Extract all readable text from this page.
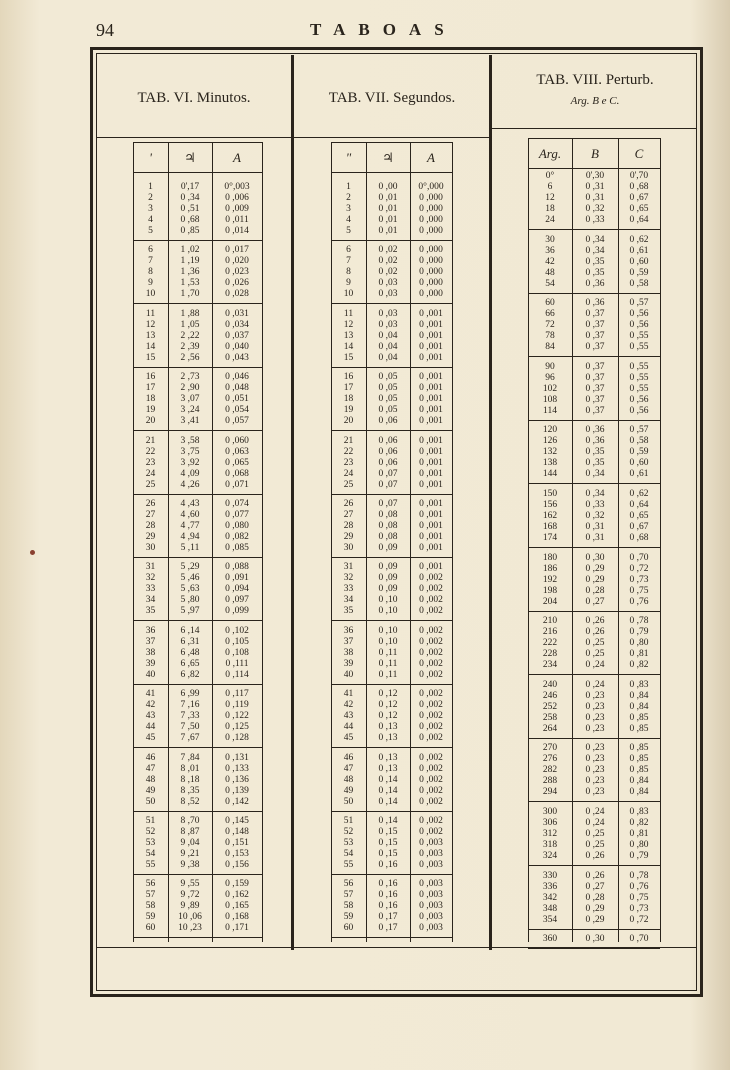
94	TABOAS
TAB. VI. Minutos.	TAB. VII. Segundos.
TAB. VIII. Perturb.
Arg. B e C.
'	♃	A
1	0',17	0°,003
2	0 ,34	0 ,006
3	0 ,51	0 ,009
4	0 ,68	0 ,011
5	0 ,85	0 ,014
6	1 ,02	0 ,017
7	1 ,19	0 ,020
8	1 ,36	0 ,023
9	1 ,53	0 ,026
10	1 ,70	0 ,028
11	1 ,88	0 ,031
12	1 ,05	0 ,034
13	2 ,22	0 ,037
14	2 ,39	0 ,040
15	2 ,56	0 ,043
16	2 ,73	0 ,046
17	2 ,90	0 ,048
18	3 ,07	0 ,051
19	3 ,24	0 ,054
20	3 ,41	0 ,057
21	3 ,58	0 ,060
22	3 ,75	0 ,063
23	3 ,92	0 ,065
24	4 ,09	0 ,068
25	4 ,26	0 ,071
26	4 ,43	0 ,074
27	4 ,60	0 ,077
28	4 ,77	0 ,080
29	4 ,94	0 ,082
30	5 ,11	0 ,085
31	5 ,29	0 ,088
32	5 ,46	0 ,091
33	5 ,63	0 ,094
34	5 ,80	0 ,097
35	5 ,97	0 ,099
36	6 ,14	0 ,102
37	6 ,31	0 ,105
38	6 ,48	0 ,108
39	6 ,65	0 ,111
40	6 ,82	0 ,114
41	6 ,99	0 ,117
42	7 ,16	0 ,119
43	7 ,33	0 ,122
44	7 ,50	0 ,125
45	7 ,67	0 ,128
46	7 ,84	0 ,131
47	8 ,01	0 ,133
48	8 ,18	0 ,136
49	8 ,35	0 ,139
50	8 ,52	0 ,142
51	8 ,70	0 ,145
52	8 ,87	0 ,148
53	9 ,04	0 ,151
54	9 ,21	0 ,153
55	9 ,38	0 ,156
56	9 ,55	0 ,159
57	9 ,72	0 ,162
58	9 ,89	0 ,165
59	10 ,06	0 ,168
60	10 ,23	0 ,171
"	♃	A
1	0 ,00	0°,000
2	0 ,01	0 ,000
3	0 ,01	0 ,000
4	0 ,01	0 ,000
5	0 ,01	0 ,000
6	0 ,02	0 ,000
7	0 ,02	0 ,000
8	0 ,02	0 ,000
9	0 ,03	0 ,000
10	0 ,03	0 ,000
11	0 ,03	0 ,001
12	0 ,03	0 ,001
13	0 ,04	0 ,001
14	0 ,04	0 ,001
15	0 ,04	0 ,001
16	0 ,05	0 ,001
17	0 ,05	0 ,001
18	0 ,05	0 ,001
19	0 ,05	0 ,001
20	0 ,06	0 ,001
21	0 ,06	0 ,001
22	0 ,06	0 ,001
23	0 ,06	0 ,001
24	0 ,07	0 ,001
25	0 ,07	0 ,001
26	0 ,07	0 ,001
27	0 ,08	0 ,001
28	0 ,08	0 ,001
29	0 ,08	0 ,001
30	0 ,09	0 ,001
31	0 ,09	0 ,001
32	0 ,09	0 ,002
33	0 ,09	0 ,002
34	0 ,10	0 ,002
35	0 ,10	0 ,002
36	0 ,10	0 ,002
37	0 ,10	0 ,002
38	0 ,11	0 ,002
39	0 ,11	0 ,002
40	0 ,11	0 ,002
41	0 ,12	0 ,002
42	0 ,12	0 ,002
43	0 ,12	0 ,002
44	0 ,13	0 ,002
45	0 ,13	0 ,002
46	0 ,13	0 ,002
47	0 ,13	0 ,002
48	0 ,14	0 ,002
49	0 ,14	0 ,002
50	0 ,14	0 ,002
51	0 ,14	0 ,002
52	0 ,15	0 ,002
53	0 ,15	0 ,003
54	0 ,15	0 ,003
55	0 ,16	0 ,003
56	0 ,16	0 ,003
57	0 ,16	0 ,003
58	0 ,16	0 ,003
59	0 ,17	0 ,003
60	0 ,17	0 ,003
Arg.	B	C
0°	0',30	0',70
6	0 ,31	0 ,68
12	0 ,31	0 ,67
18	0 ,32	0 ,65
24	0 ,33	0 ,64
30	0 ,34	0 ,62
36	0 ,34	0 ,61
42	0 ,35	0 ,60
48	0 ,35	0 ,59
54	0 ,36	0 ,58
60	0 ,36	0 ,57
66	0 ,37	0 ,56
72	0 ,37	0 ,56
78	0 ,37	0 ,55
84	0 ,37	0 ,55
90	0 ,37	0 ,55
96	0 ,37	0 ,55
102	0 ,37	0 ,55
108	0 ,37	0 ,56
114	0 ,37	0 ,56
120	0 ,36	0 ,57
126	0 ,36	0 ,58
132	0 ,35	0 ,59
138	0 ,35	0 ,60
144	0 ,34	0 ,61
150	0 ,34	0 ,62
156	0 ,33	0 ,64
162	0 ,32	0 ,65
168	0 ,31	0 ,67
174	0 ,31	0 ,68
180	0 ,30	0 ,70
186	0 ,29	0 ,72
192	0 ,29	0 ,73
198	0 ,28	0 ,75
204	0 ,27	0 ,76
210	0 ,26	0 ,78
216	0 ,26	0 ,79
222	0 ,25	0 ,80
228	0 ,25	0 ,81
234	0 ,24	0 ,82
240	0 ,24	0 ,83
246	0 ,23	0 ,84
252	0 ,23	0 ,84
258	0 ,23	0 ,85
264	0 ,23	0 ,85
270	0 ,23	0 ,85
276	0 ,23	0 ,85
282	0 ,23	0 ,85
288	0 ,23	0 ,84
294	0 ,23	0 ,84
300	0 ,24	0 ,83
306	0 ,24	0 ,82
312	0 ,25	0 ,81
318	0 ,25	0 ,80
324	0 ,26	0 ,79
330	0 ,26	0 ,78
336	0 ,27	0 ,76
342	0 ,28	0 ,75
348	0 ,29	0 ,73
354	0 ,29	0 ,72
360	0 ,30	0 ,70
